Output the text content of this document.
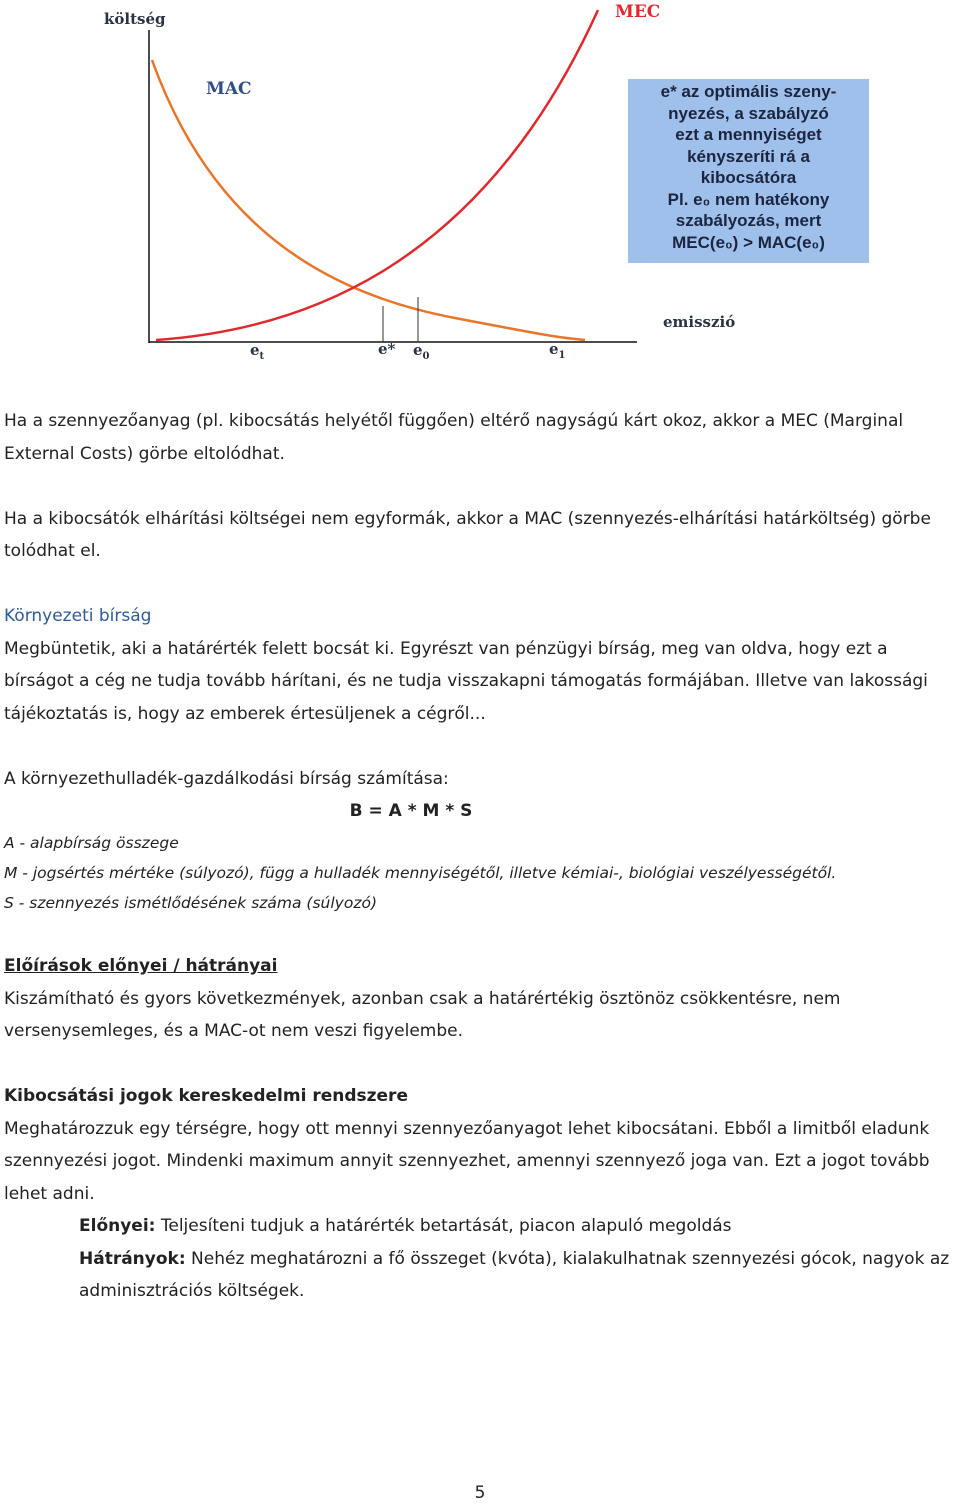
költség	MEC
MAC
emisszió
$e_t$	e* $e_0$	$e_1$
e* az optimális szeny-
nyezés, a szabályzó
ezt a mennyiséget
kényszeríti rá a
kibocsátóra
Pl. e₀ nem hatékony
szabályozás, mert
MEC(e₀) > MAC(e₀)

Ha a szennyezőanyag (pl. kibocsátás helyétől függően) eltérő nagyságú kárt okoz, akkor a MEC (Marginal External Costs) görbe eltolódhat.

Ha a kibocsátók elhárítási költségei nem egyformák, akkor a MAC (szennyezés-elhárítási határköltség) görbe tolódhat el.

Környezeti bírság

Megbüntetik, aki a határérték felett bocsát ki. Egyrészt van pénzügyi bírság, meg van oldva, hogy ezt a bírságot a cég ne tudja tovább hárítani, és ne tudja visszakapni támogatás formájában. Illetve van lakossági tájékoztatás is, hogy az emberek értesüljenek a cégről...

A környezethulladék-gazdálkodási bírság számítása:

B = A * M * S

A - alapbírság összege

M - jogsértés mértéke (súlyozó), függ a hulladék mennyiségétől, illetve kémiai-, biológiai veszélyességétől.

S - szennyezés ismétlődésének száma (súlyozó)

Előírások előnyei / hátrányai

Kiszámítható és gyors következmények, azonban csak a határértékig ösztönöz csökkentésre, nem versenysemleges, és a MAC-ot nem veszi figyelembe.

Kibocsátási jogok kereskedelmi rendszere

Meghatározzuk egy térségre, hogy ott mennyi szennyezőanyagot lehet kibocsátani. Ebből a limitből eladunk szennyezési jogot. Mindenki maximum annyit szennyezhet, amennyi szennyező joga van. Ezt a jogot tovább lehet adni.

Előnyei: Teljesíteni tudjuk a határérték betartását, piacon alapuló megoldás

Hátrányok: Nehéz meghatározni a fő összeget (kvóta), kialakulhatnak szennyezési gócok, nagyok az adminisztrációs költségek.

5
